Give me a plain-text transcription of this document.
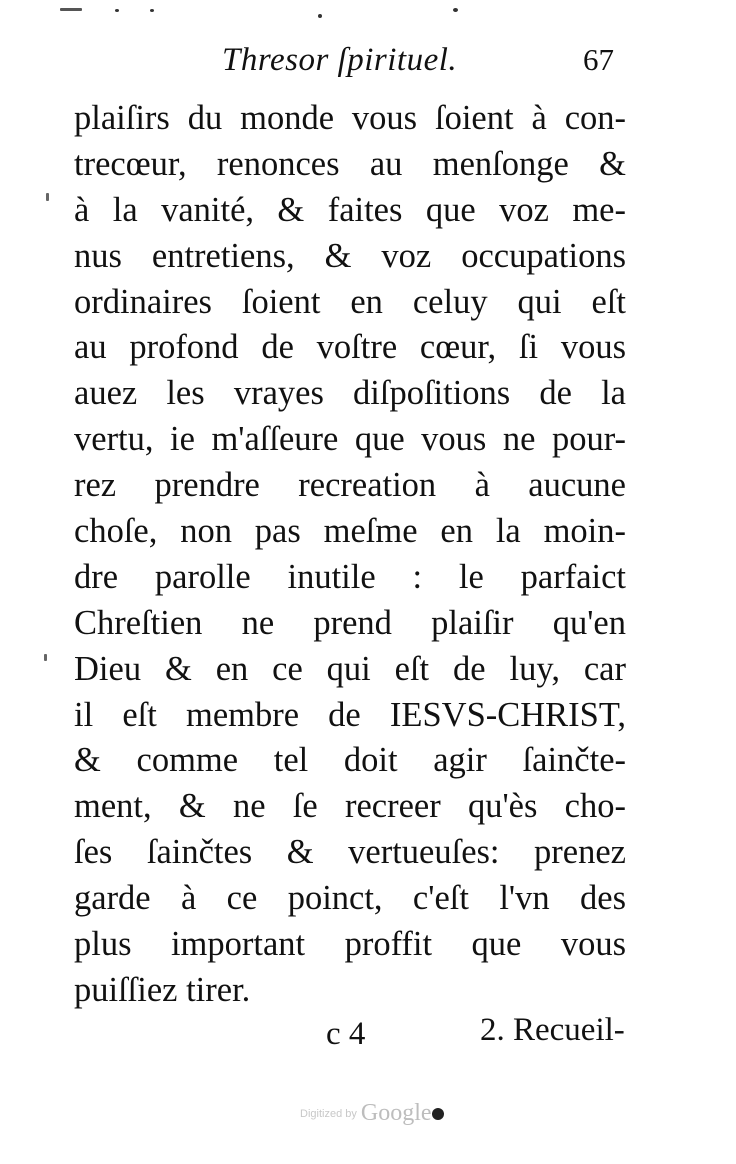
Thresor ſpirituel.	67
plaiſirs du monde vous ſoient à con-
trecœur, renonces au menſonge &
à la vanité, & faites que voz me-
nus entretiens, & voz occupations
ordinaires ſoient en celuy qui eſt
au profond de voſtre cœur, ſi vous
auez les vrayes diſpoſitions de la
vertu, ie m'aſſeure que vous ne pour-
rez prendre recreation à aucune
choſe, non pas meſme en la moin-
dre parolle inutile : le parfaict
Chreſtien ne prend plaiſir qu'en
Dieu & en ce qui eſt de luy, car
il eſt membre de IESVS-CHRIST,
& comme tel doit agir ſainčte-
ment, & ne ſe recreer qu'ès cho-
ſes ſainčtes & vertueuſes: prenez
garde à ce poinct, c'eſt l'vn des
plus important proffit que vous
puiſſiez tirer.
c 4	2. Recueil-
Digitized by Google
